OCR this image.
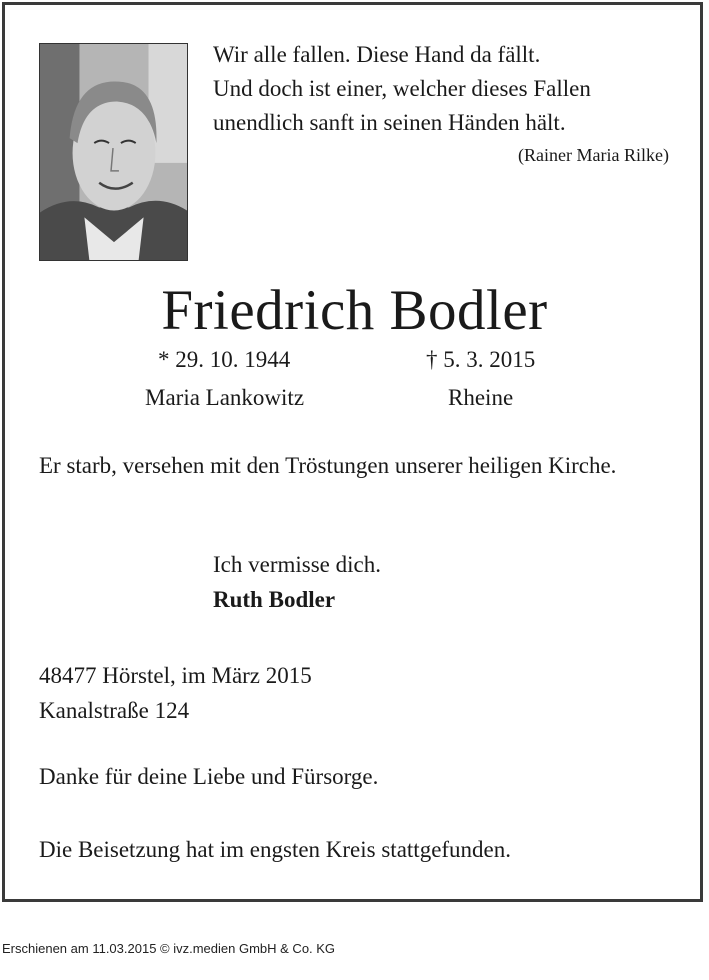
Wir alle fallen. Diese Hand da fällt.
Und doch ist einer, welcher dieses Fallen
unendlich sanft in seinen Händen hält.
(Rainer Maria Rilke)
Friedrich Bodler
* 29. 10. 1944	† 5. 3. 2015
Maria Lankowitz	Rheine
Er starb, versehen mit den Tröstungen unserer heiligen Kirche.
Ich vermisse dich.
Ruth Bodler
48477 Hörstel, im März 2015
Kanalstraße 124
Danke für deine Liebe und Fürsorge.
Die Beisetzung hat im engsten Kreis stattgefunden.
Erschienen am 11.03.2015 © ivz.medien GmbH & Co. KG
